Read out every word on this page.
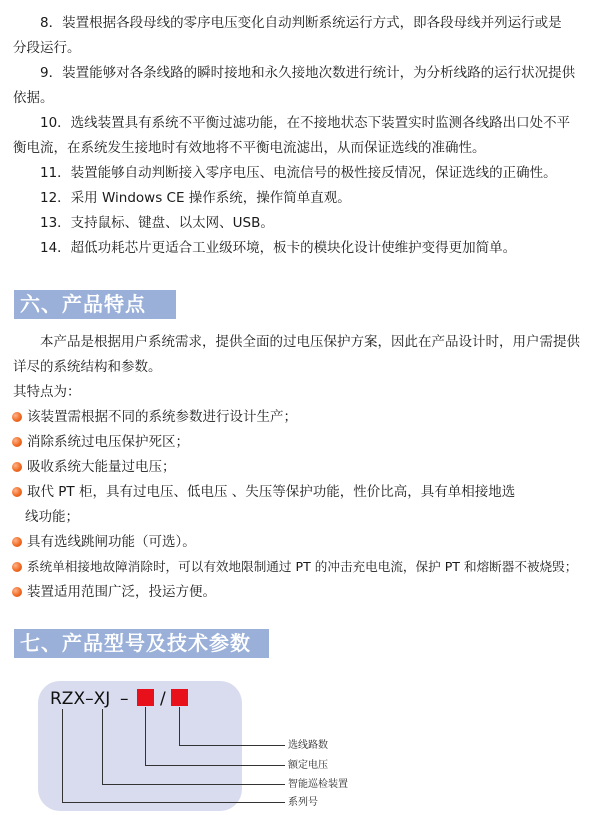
8．装置根据各段母线的零序电压变化自动判断系统运行方式，即各段母线并列运行或是
分段运行。
9．装置能够对各条线路的瞬时接地和永久接地次数进行统计，为分析线路的运行状况提供
依据。
10．选线装置具有系统不平衡过滤功能，在不接地状态下装置实时监测各线路出口处不平
衡电流，在系统发生接地时有效地将不平衡电流滤出，从而保证选线的准确性。
11．装置能够自动判断接入零序电压、电流信号的极性接反情况，保证选线的正确性。
12．采用 Windows CE 操作系统，操作简单直观。
13．支持鼠标、键盘、以太网、USB。
14．超低功耗芯片更适合工业级环境，板卡的模块化设计使维护变得更加简单。
六、产品特点
本产品是根据用户系统需求，提供全面的过电压保护方案，因此在产品设计时，用户需提供
详尽的系统结构和参数。
其特点为：
该装置需根据不同的系统参数进行设计生产；
消除系统过电压保护死区；
吸收系统大能量过电压；
取代 PT 柜，具有过电压、低电压 、失压等保护功能，性价比高，具有单相接地选
线功能；
具有选线跳闸功能（可选）。
系统单相接地故障消除时，可以有效地限制通过 PT 的冲击充电电流，保护 PT 和熔断器不被烧毁；
装置适用范围广泛，投运方便。
七、产品型号及技术参数
RZX–XJ – /
选线路数
额定电压
智能巡检装置
系列号
